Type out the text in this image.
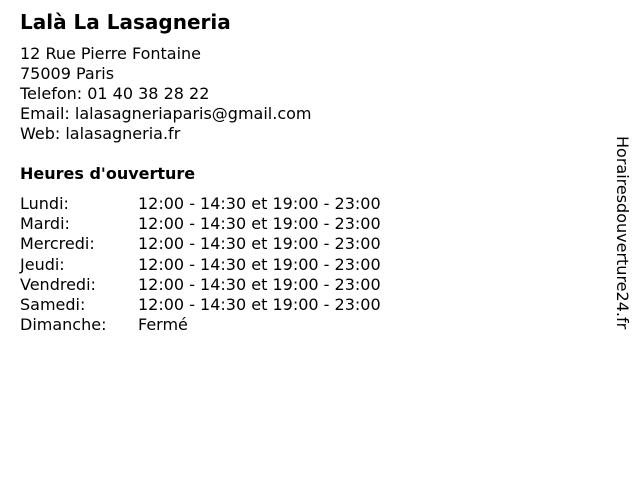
Lalà La Lasagneria
12 Rue Pierre Fontaine
75009 Paris
Telefon: 01 40 38 28 22
Email: lalasagneriaparis@gmail.com
Web: lalasagneria.fr
Heures d'ouverture
Lundi:	12:00 - 14:30 et 19:00 - 23:00
Mardi:	12:00 - 14:30 et 19:00 - 23:00
Mercredi:	12:00 - 14:30 et 19:00 - 23:00
Jeudi:	12:00 - 14:30 et 19:00 - 23:00
Vendredi:	12:00 - 14:30 et 19:00 - 23:00
Samedi:	12:00 - 14:30 et 19:00 - 23:00
Dimanche: Fermé	Horairesdouverture24.fr
